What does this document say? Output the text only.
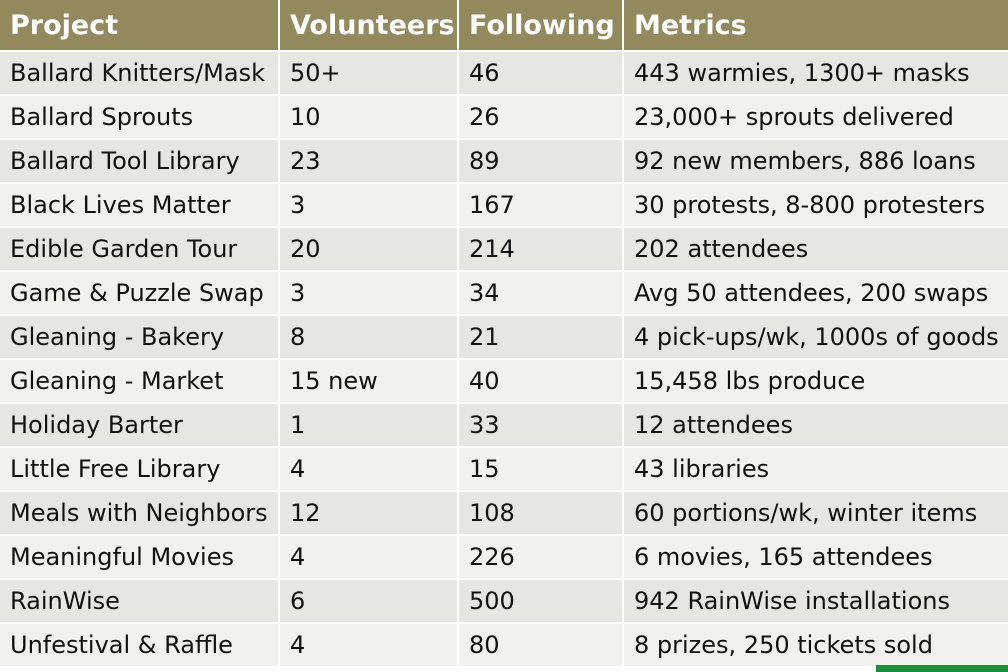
Project	Volunteers	Following	Metrics
Ballard Knitters/Mask	50+	46	443 warmies, 1300+ masks
Ballard Sprouts	10	26	23,000+ sprouts delivered
Ballard Tool Library	23	89	92 new members, 886 loans
Black Lives Matter	3	167	30 protests, 8-800 protesters
Edible Garden Tour	20	214	202 attendees
Game & Puzzle Swap	3	34	Avg 50 attendees, 200 swaps
Gleaning - Bakery	8	21	4 pick-ups/wk, 1000s of goods
Gleaning - Market	15 new	40	15,458 lbs produce
Holiday Barter	1	33	12 attendees
Little Free Library	4	15	43 libraries
Meals with Neighbors	12	108	60 portions/wk, winter items
Meaningful Movies	4	226	6 movies, 165 attendees
RainWise	6	500	942 RainWise installations
Unfestival & Raffle	4	80	8 prizes, 250 tickets sold
